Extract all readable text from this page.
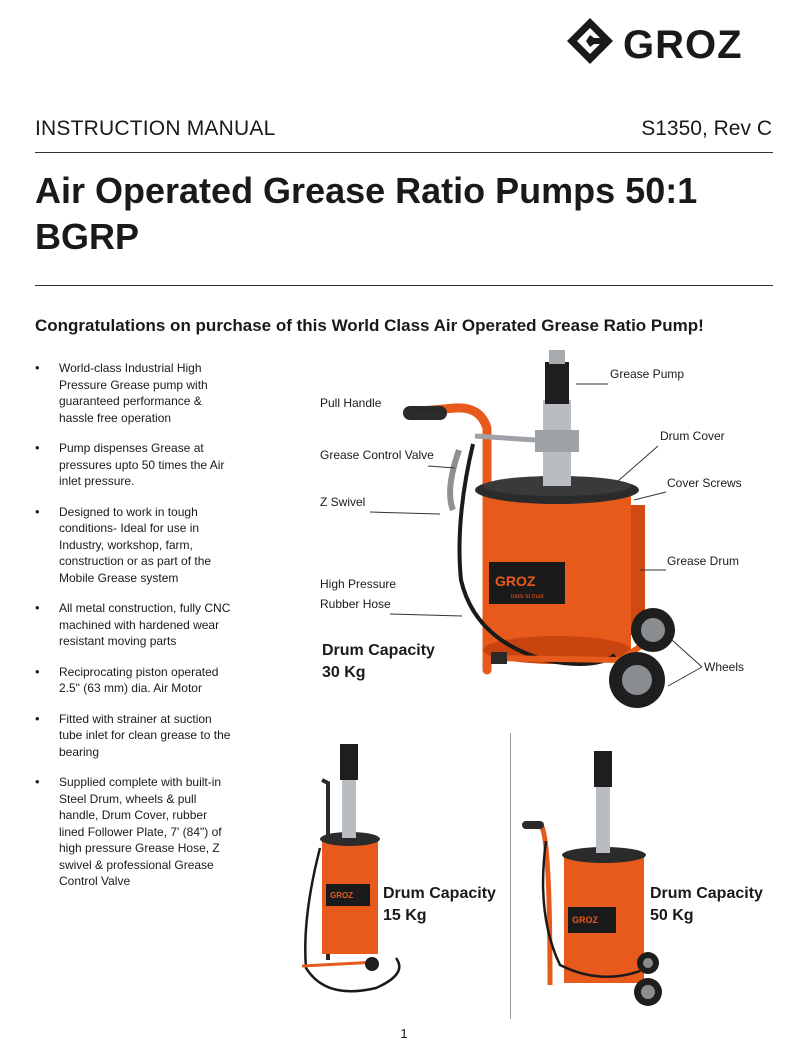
GROZ
INSTRUCTION MANUAL	S1350, Rev C
Air Operated Grease Ratio Pumps 50:1
BGRP
Congratulations on purchase of this World Class Air Operated Grease Ratio Pump!
• World-class Industrial High Pressure Grease pump with guaranteed performance & hassle free operation
• Pump dispenses Grease at pressures upto 50 times the Air inlet pressure.
• Designed to work in tough conditions- Ideal for use in Industry, workshop, farm, construction or as part of the Mobile Grease system
• All metal construction, fully CNC machined with hardened wear resistant moving parts
• Reciprocating piston operated 2.5" (63 mm) dia. Air Motor
• Fitted with strainer at suction tube inlet for clean grease to the bearing
• Supplied complete with built-in Steel Drum, wheels & pull handle, Drum Cover, rubber lined Follower Plate, 7' (84") of high pressure Grease Hose, Z swivel & professional Grease Control Valve
GROZ
tools to trust
Grease Pump
Pull Handle
Drum Cover
Grease Control Valve
Cover Screws
Z Swivel
Grease Drum
High Pressure
Rubber Hose
Wheels
Drum Capacity
30 Kg
GROZ Drum Capacity
15 Kg	GROZ
Drum Capacity
50 Kg
1
